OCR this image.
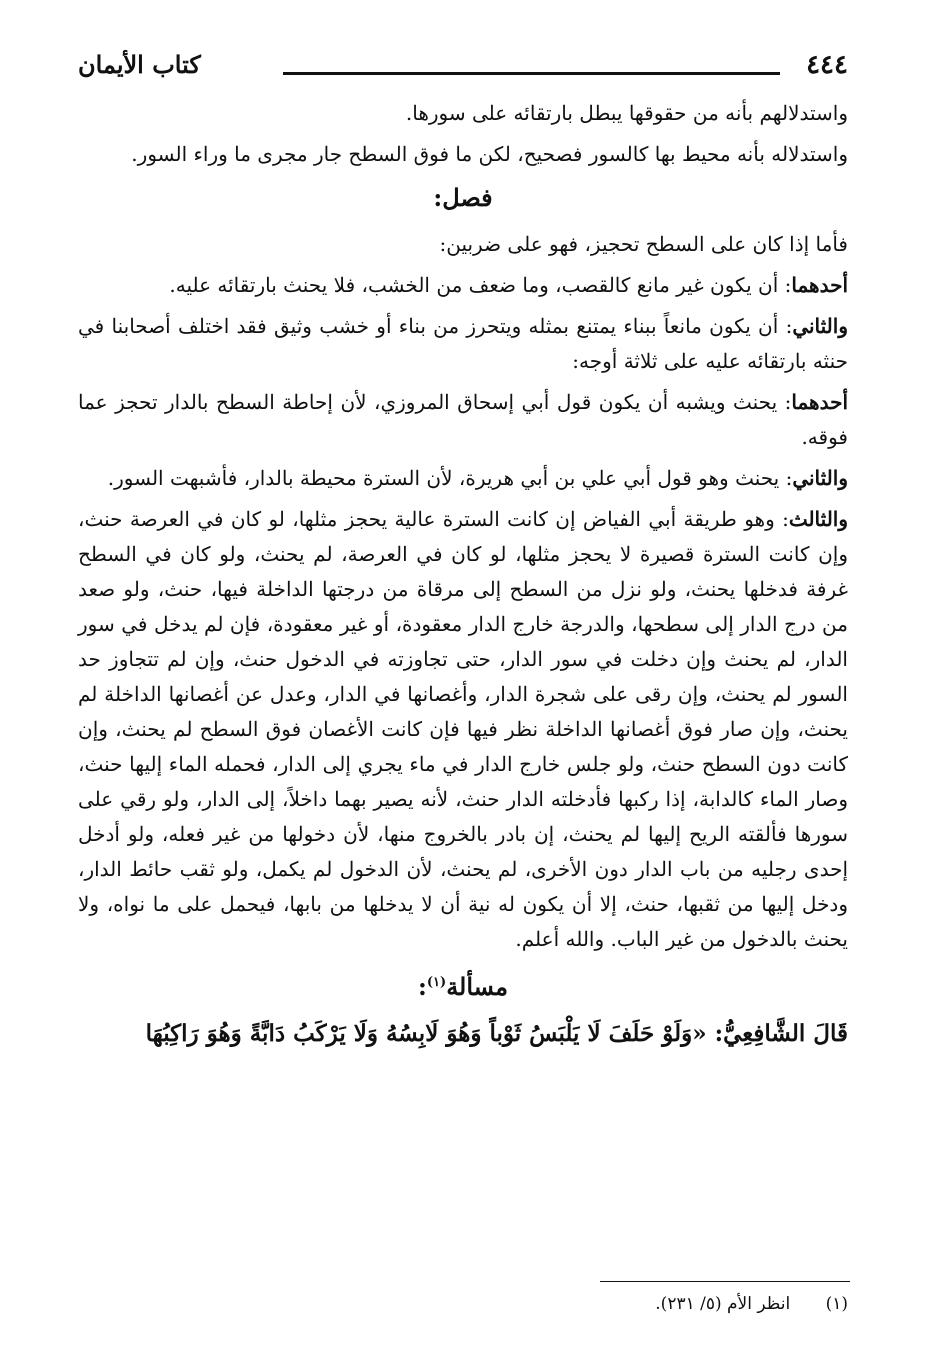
٤٤٤
كتاب الأيمان

واستدلالهم بأنه من حقوقها يبطل بارتقائه على سورها.

واستدلاله بأنه محيط بها كالسور فصحيح، لكن ما فوق السطح جار مجرى ما وراء السور.

فصل:

فأما إذا كان على السطح تحجيز، فهو على ضربين:

أحدهما: أن يكون غير مانع كالقصب، وما ضعف من الخشب، فلا يحنث بارتقائه عليه.

والثاني: أن يكون مانعاً ببناء يمتنع بمثله ويتحرز من بناء أو خشب وثيق فقد اختلف أصحابنا في حنثه بارتقائه عليه على ثلاثة أوجه:

أحدهما: يحنث ويشبه أن يكون قول أبي إسحاق المروزي، لأن إحاطة السطح بالدار تحجز عما فوقه.

والثاني: يحنث وهو قول أبي علي بن أبي هريرة، لأن السترة محيطة بالدار، فأشبهت السور.

والثالث: وهو طريقة أبي الفياض إن كانت السترة عالية يحجز مثلها، لو كان في العرصة حنث، وإن كانت السترة قصيرة لا يحجز مثلها، لو كان في العرصة، لم يحنث، ولو كان في السطح غرفة فدخلها يحنث، ولو نزل من السطح إلى مرقاة من درجتها الداخلة فيها، حنث، ولو صعد من درج الدار إلى سطحها، والدرجة خارج الدار معقودة، أو غير معقودة، فإن لم يدخل في سور الدار، لم يحنث وإن دخلت في سور الدار، حتى تجاوزته في الدخول حنث، وإن لم تتجاوز حد السور لم يحنث، وإن رقى على شجرة الدار، وأغصانها في الدار، وعدل عن أغصانها الداخلة لم يحنث، وإن صار فوق أغصانها الداخلة نظر فيها فإن كانت الأغصان فوق السطح لم يحنث، وإن كانت دون السطح حنث، ولو جلس خارج الدار في ماء يجري إلى الدار، فحمله الماء إليها حنث، وصار الماء كالدابة، إذا ركبها فأدخلته الدار حنث، لأنه يصير بهما داخلاً، إلى الدار، ولو رقي على سورها فألقته الريح إليها لم يحنث، إن بادر بالخروج منها، لأن دخولها من غير فعله، ولو أدخل إحدى رجليه من باب الدار دون الأخرى، لم يحنث، لأن الدخول لم يكمل، ولو ثقب حائط الدار، ودخل إليها من ثقبها، حنث، إلا أن يكون له نية أن لا يدخلها من بابها، فيحمل على ما نواه، ولا يحنث بالدخول من غير الباب. والله أعلم.

مسألة$^{(١)}$:

قَالَ الشَّافِعِيُّ: «وَلَوْ حَلَفَ لَا يَلْبَسُ ثَوْباً وَهُوَ لَابِسُهُ وَلَا يَرْكَبُ دَابَّةً وَهُوَ رَاكِبُهَا

(١) انظر الأم (٥/ ٢٣١).
